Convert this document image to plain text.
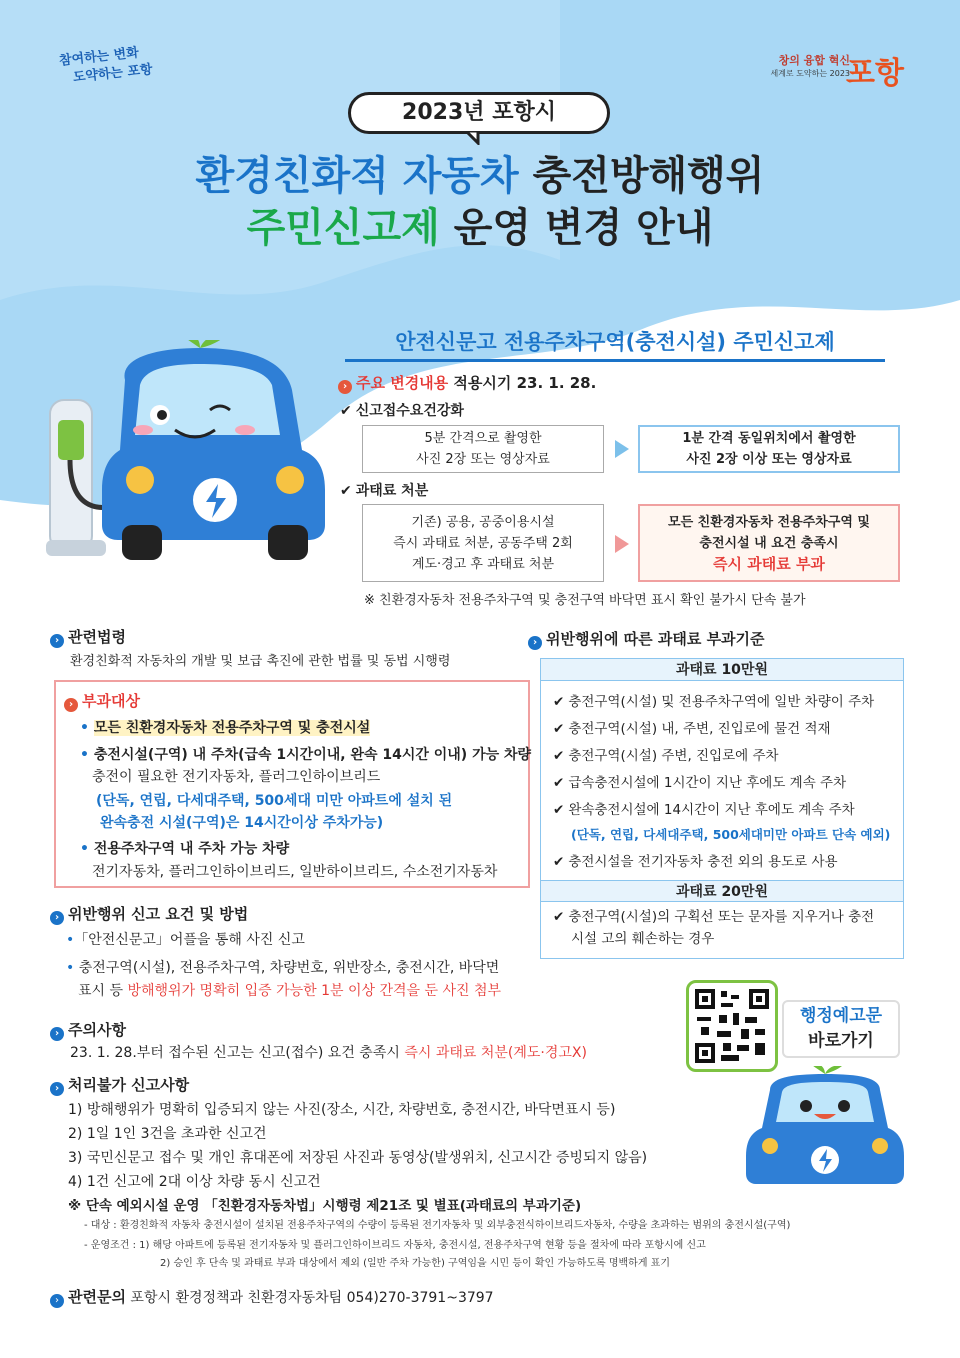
참여하는 변화
도약하는 포항
창의 융합 혁신
세계로 도약하는 2023
포항
2023년 포항시
환경친화적 자동차 충전방해행위
주민신고제 운영 변경 안내
안전신문고 전용주차구역(충전시설) 주민신고제
› 주요 변경내용 적용시기 23. 1. 28.
✔ 신고접수요건강화
5분 간격으로 촬영한
사진 2장 또는 영상자료
1분 간격 동일위치에서 촬영한
사진 2장 이상 또는 영상자료
✔ 과태료 처분
기존) 공용, 공중이용시설
즉시 과태료 처분, 공동주택 2회
계도·경고 후 과태료 처분
모든 친환경자동차 전용주차구역 및
충전시설 내 요건 충족시
즉시 과태료 부과
※ 친환경자동차 전용주차구역 및 충전구역 바닥면 표시 확인 불가시 단속 불가
› 관련법령
환경친화적 자동차의 개발 및 보급 촉진에 관한 법률 및 동법 시행령
› 부과대상
• 모든 친환경자동차 전용주차구역 및 충전시설
• 충전시설(구역) 내 주차(급속 1시간이내, 완속 14시간 이내) 가능 차량
충전이 필요한 전기자동차, 플러그인하이브리드
(단독, 연립, 다세대주택, 500세대 미만 아파트에 설치 된
완속충전 시설(구역)은 14시간이상 주차가능)
• 전용주차구역 내 주차 가능 차량
전기자동차, 플러그인하이브리드, 일반하이브리드, 수소전기자동차
› 위반행위에 따른 과태료 부과기준
과태료 10만원
✔ 충전구역(시설) 및 전용주차구역에 일반 차량이 주차
✔ 충전구역(시설) 내, 주변, 진입로에 물건 적재
✔ 충전구역(시설) 주변, 진입로에 주차
✔ 급속충전시설에 1시간이 지난 후에도 계속 주차
✔ 완속충전시설에 14시간이 지난 후에도 계속 주차
(단독, 연립, 다세대주택, 500세대미만 아파트 단속 예외)
✔ 충전시설을 전기자동차 충전 외의 용도로 사용
과태료 20만원
✔ 충전구역(시설)의 구획선 또는 문자를 지우거나 충전
시설 고의 훼손하는 경우
› 위반행위 신고 요건 및 방법
•「안전신문고」어플을 통해 사진 신고
• 충전구역(시설), 전용주차구역, 차량번호, 위반장소, 충전시간, 바닥면
표시 등 방해행위가 명확히 입증 가능한 1분 이상 간격을 둔 사진 첨부
› 주의사항
23. 1. 28.부터 접수된 신고는 신고(접수) 요건 충족시 즉시 과태료 처분(계도·경고X)
› 처리불가 신고사항
1) 방해행위가 명확히 입증되지 않는 사진(장소, 시간, 차량번호, 충전시간, 바닥면표시 등)
2) 1일 1인 3건을 초과한 신고건
3) 국민신문고 접수 및 개인 휴대폰에 저장된 사진과 동영상(발생위치, 신고시간 증빙되지 않음)
4) 1건 신고에 2대 이상 차량 동시 신고건
※ 단속 예외시설 운영 「친환경자동차법」시행령 제21조 및 별표(과태료의 부과기준)
- 대상 : 환경친화적 자동차 충전시설이 설치된 전용주차구역의 수량이 등록된 전기자동차 및 외부충전식하이브리드자동차, 수량을 초과하는 범위의 충전시설(구역)
- 운영조건 : 1) 해당 아파트에 등록된 전기자동차 및 플러그인하이브리드 자동차, 충전시설, 전용주차구역 현황 등을 절차에 따라 포항시에 신고
2) 승인 후 단속 및 과태료 부과 대상에서 제외 (일반 주차 가능한) 구역임을 시민 등이 확인 가능하도록 명백하게 표기
› 관련문의 포항시 환경정책과 친환경자동차팀 054)270-3791~3797
행정예고문
바로가기
